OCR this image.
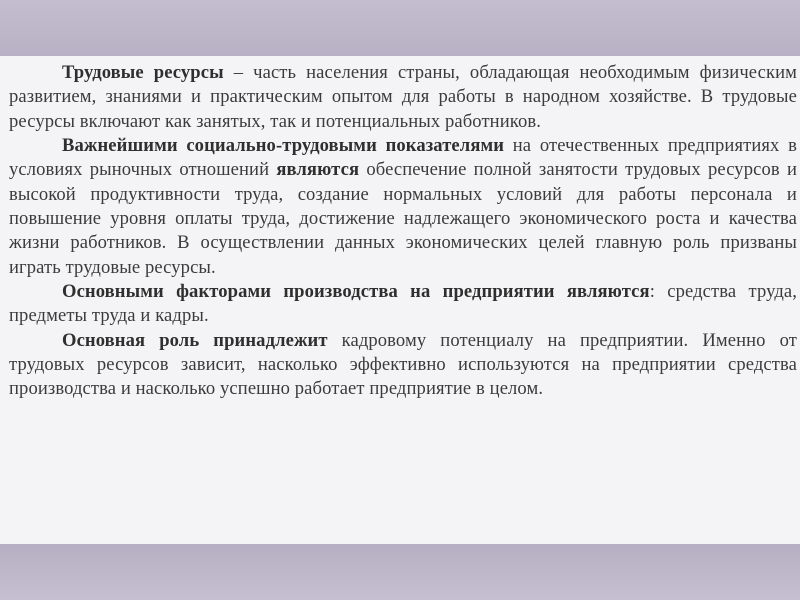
Трудовые ресурсы – часть населения страны, обладающая необходимым физическим развитием, знаниями и практическим опытом для работы в народном хозяйстве. В трудовые ресурсы включают как занятых, так и потенциальных работников.

Важнейшими социально-трудовыми показателями на отечественных предприятиях в условиях рыночных отношений являются обеспечение полной занятости трудовых ресурсов и высокой продуктивности труда, создание нормальных условий для работы персонала и повышение уровня оплаты труда, достижение надлежащего экономического роста и качества жизни работников. В осуществлении данных экономических целей главную роль призваны играть трудовые ресурсы.

Основными факторами производства на предприятии являются: средства труда, предметы труда и кадры.

Основная роль принадлежит кадровому потенциалу на предприятии. Именно от трудовых ресурсов зависит, насколько эффективно используются на предприятии средства производства и насколько успешно работает предприятие в целом.
